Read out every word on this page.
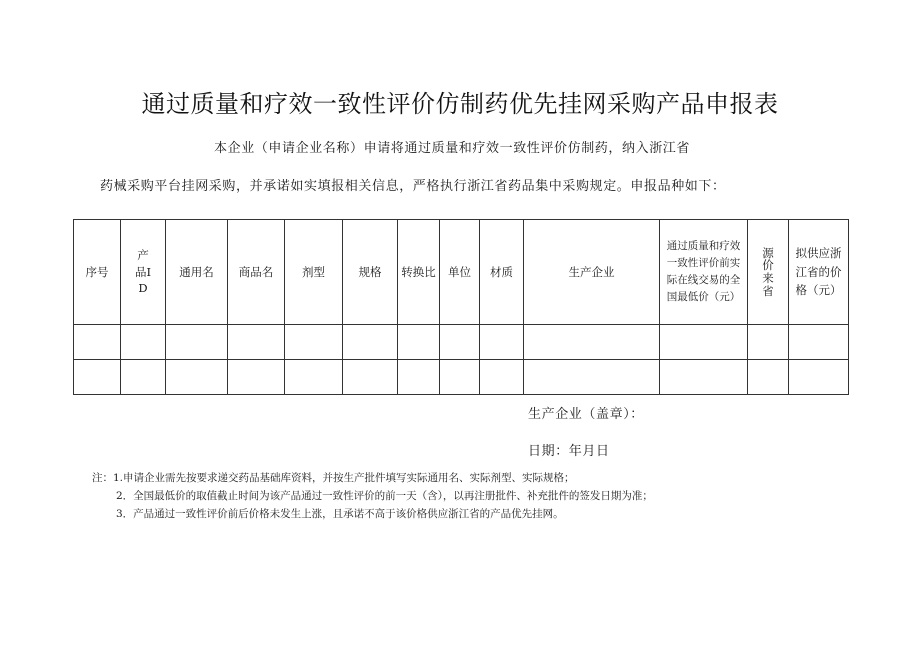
通过质量和疗效一致性评价仿制药优先挂网采购产品申报表
本企业（申请企业名称）申请将通过质量和疗效一致性评价仿制药，纳入浙江省
药械采购平台挂网采购，并承诺如实填报相关信息，严格执行浙江省药品集中采购规定。申报品种如下：
序号	产品ID	通用名	商品名	剂型	规格	转换比	单位	材质	生产企业	通过质量和疗效一致性评价前实际在线交易的全国最低价（元）	源价来省	拟供应浙江省的价格（元）

生产企业（盖章）：
日期：年月日
注：1.申请企业需先按要求递交药品基础库资料，并按生产批件填写实际通用名、实际剂型、实际规格；
2．全国最低价的取值截止时间为该产品通过一致性评价的前一天（含），以再注册批件、补充批件的签发日期为准；
3．产品通过一致性评价前后价格未发生上涨，且承诺不高于该价格供应浙江省的产品优先挂网。
